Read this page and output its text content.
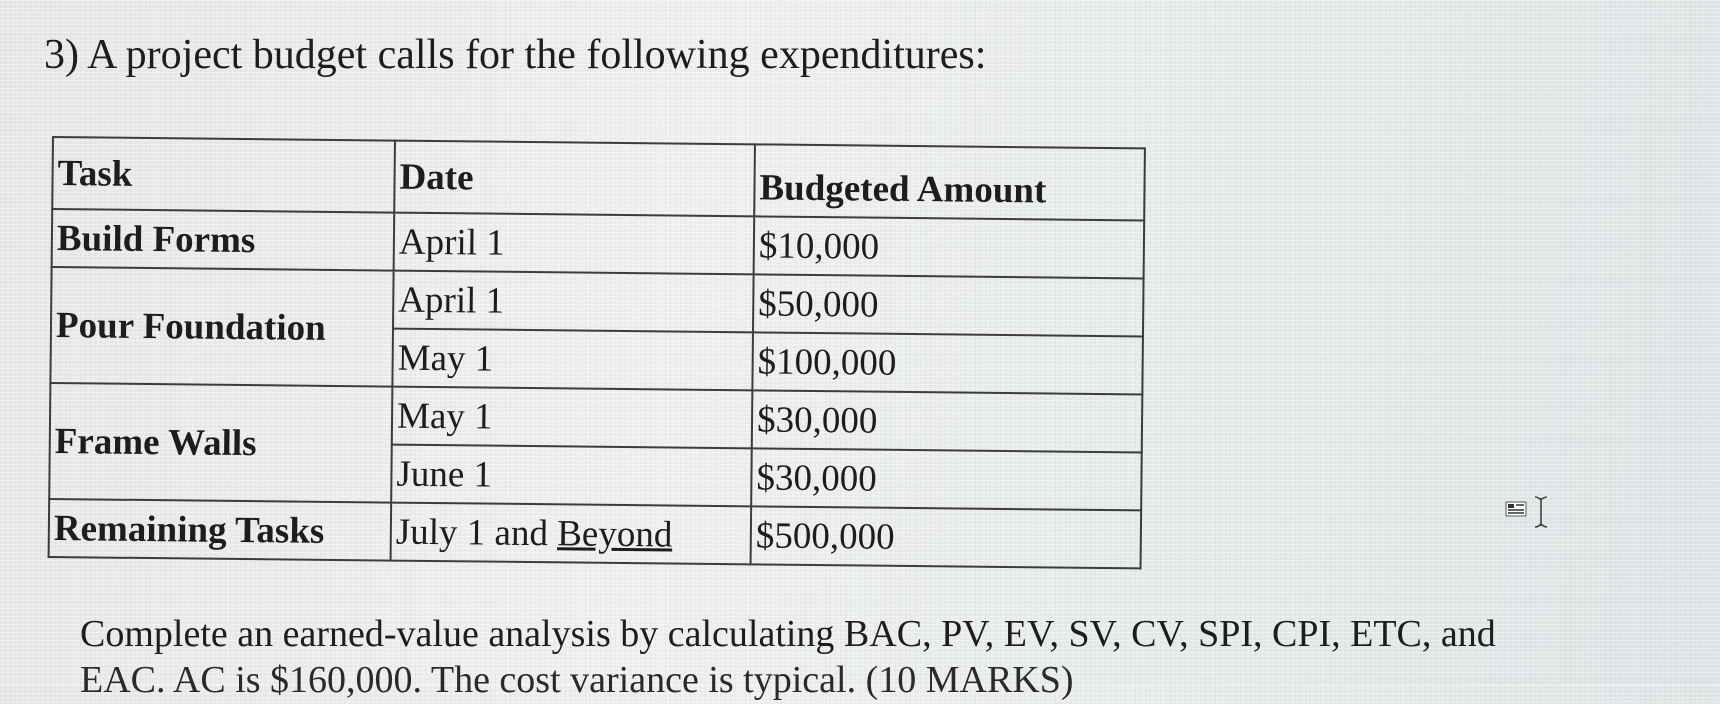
3) A project budget calls for the following expenditures:
Task	Date	Budgeted Amount
Build Forms	April 1	$10,000
Pour Foundation	April 1	$50,000
	May 1	$100,000
Frame Walls	May 1	$30,000
	June 1	$30,000
Remaining Tasks	July 1 and Beyond	$500,000
Complete an earned-value analysis by calculating BAC, PV, EV, SV, CV, SPI, CPI, ETC, and
EAC. AC is $160,000. The cost variance is typical. (10 MARKS)
